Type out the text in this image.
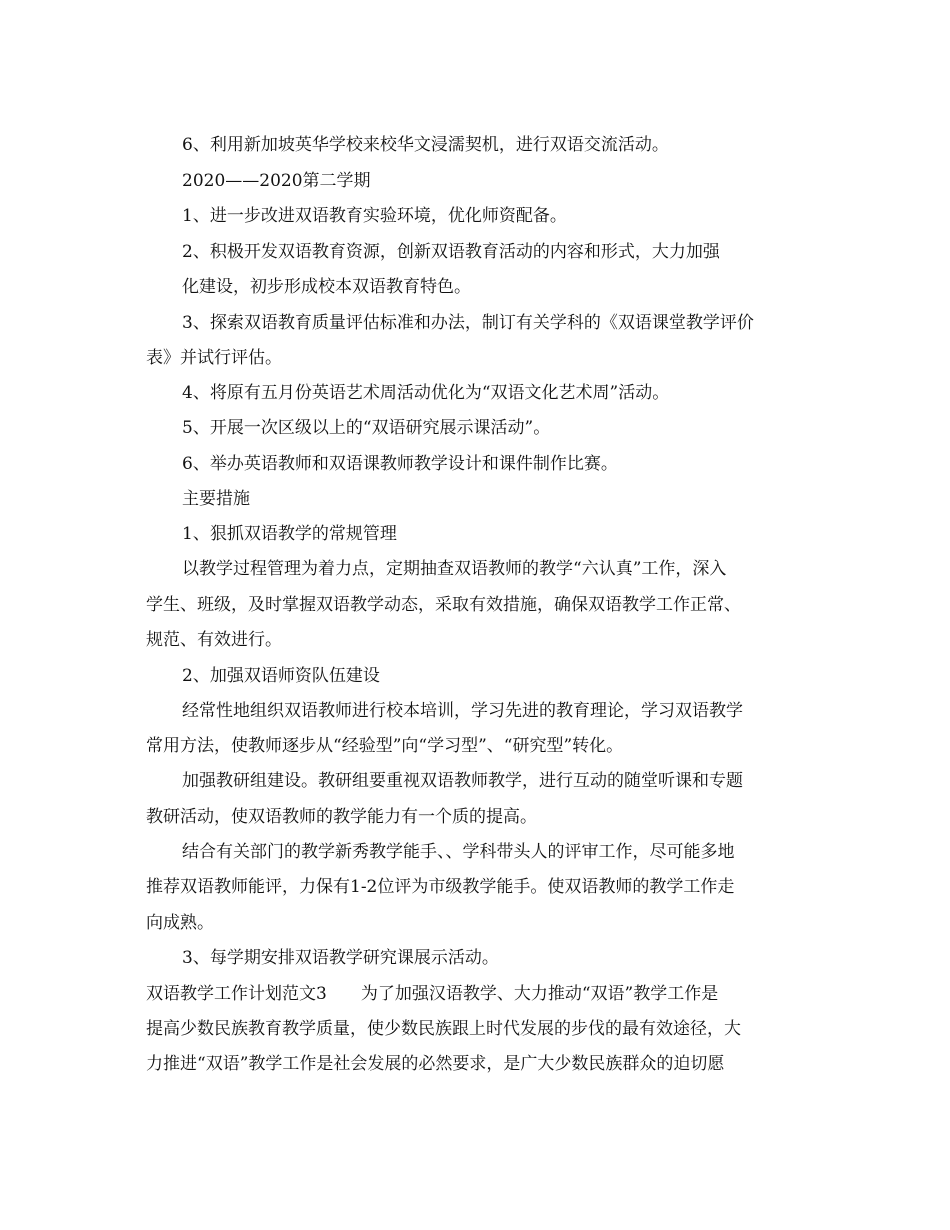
6、利用新加坡英华学校来校华文浸濡契机，进行双语交流活动。
2020——2020第二学期
1、进一步改进双语教育实验环境，优化师资配备。
2、积极开发双语教育资源，创新双语教育活动的内容和形式，大力加强
化建设，初步形成校本双语教育特色。
3、探索双语教育质量评估标准和办法，制订有关学科的《双语课堂教学评价
表》并试行评估。
4、将原有五月份英语艺术周活动优化为“双语文化艺术周”活动。
5、开展一次区级以上的“双语研究展示课活动”。
6、举办英语教师和双语课教师教学设计和课件制作比赛。
主要措施
1、狠抓双语教学的常规管理
以教学过程管理为着力点，定期抽查双语教师的教学“六认真”工作，深入
学生、班级，及时掌握双语教学动态，采取有效措施，确保双语教学工作正常、
规范、有效进行。
2、加强双语师资队伍建设
经常性地组织双语教师进行校本培训，学习先进的教育理论，学习双语教学
常用方法，使教师逐步从“经验型”向“学习型”、“研究型”转化。
加强教研组建设。教研组要重视双语教师教学，进行互动的随堂听课和专题
教研活动，使双语教师的教学能力有一个质的提高。
结合有关部门的教学新秀教学能手、、学科带头人的评审工作，尽可能多地
推荐双语教师能评，力保有1-2位评为市级教学能手。使双语教师的教学工作走
向成熟。
3、每学期安排双语教学研究课展示活动。
双语教学工作计划范文3　　为了加强汉语教学、大力推动“双语”教学工作是
提高少数民族教育教学质量，使少数民族跟上时代发展的步伐的最有效途径，大
力推进“双语”教学工作是社会发展的必然要求，是广大少数民族群众的迫切愿
